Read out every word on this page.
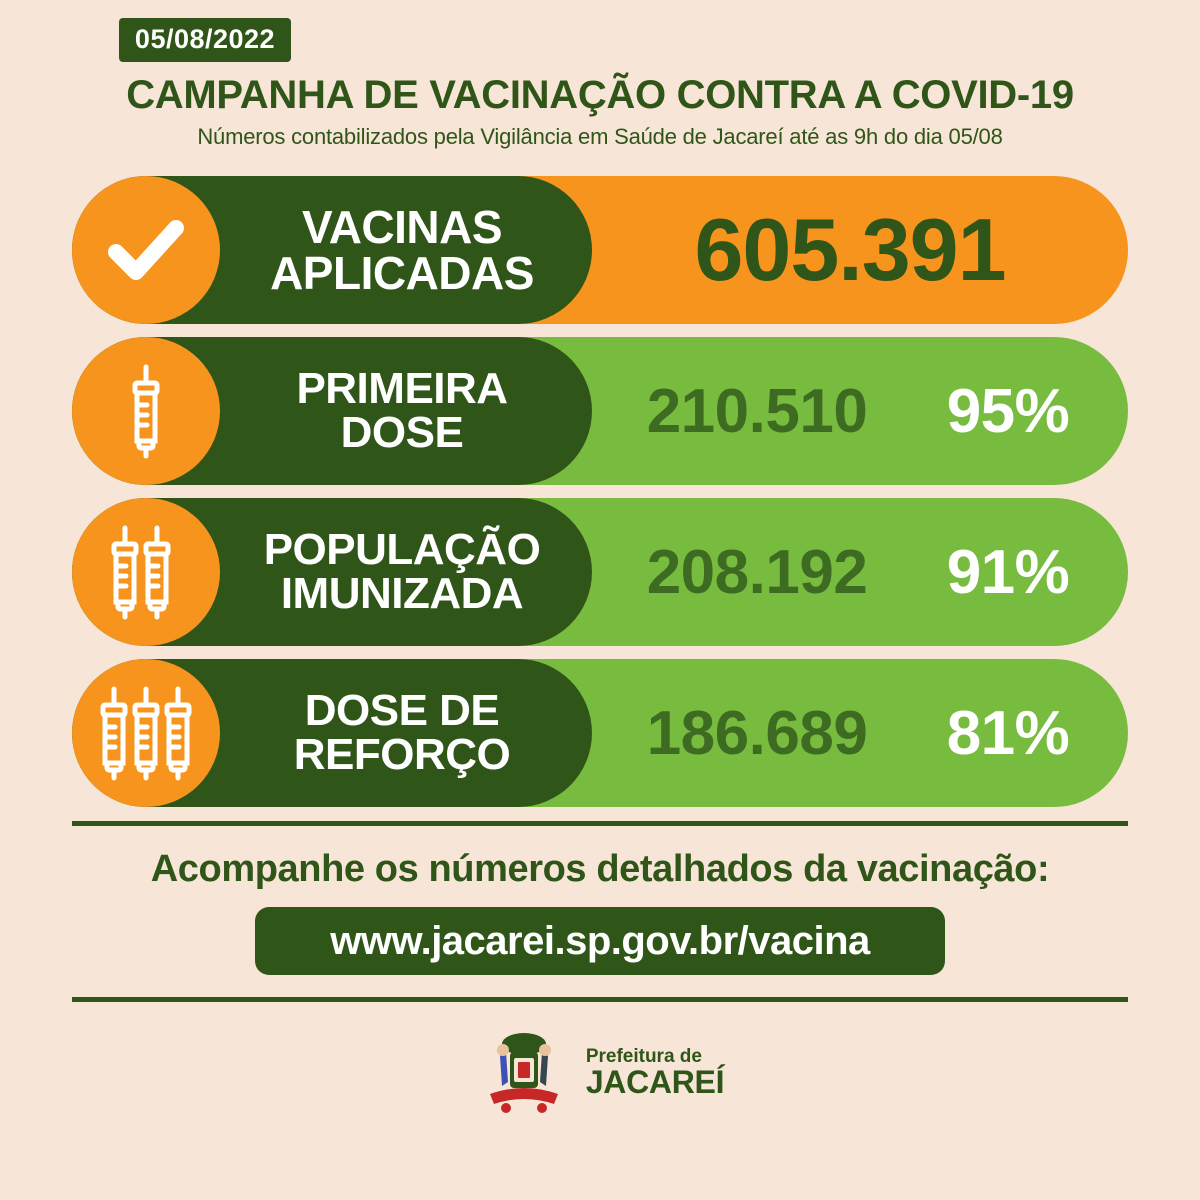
05/08/2022
CAMPANHA DE VACINAÇÃO CONTRA A COVID-19
Números contabilizados pela Vigilância em Saúde de Jacareí até as 9h do dia 05/08
VACINAS
APLICADAS	605.391
PRIMEIRA
DOSE	210.510	95%
POPULAÇÃO
IMUNIZADA	208.192	91%
DOSE DE
REFORÇO	186.689	81%
Acompanhe os números detalhados da vacinação:
www.jacarei.sp.gov.br/vacina
Prefeitura de
JACAREÍ
